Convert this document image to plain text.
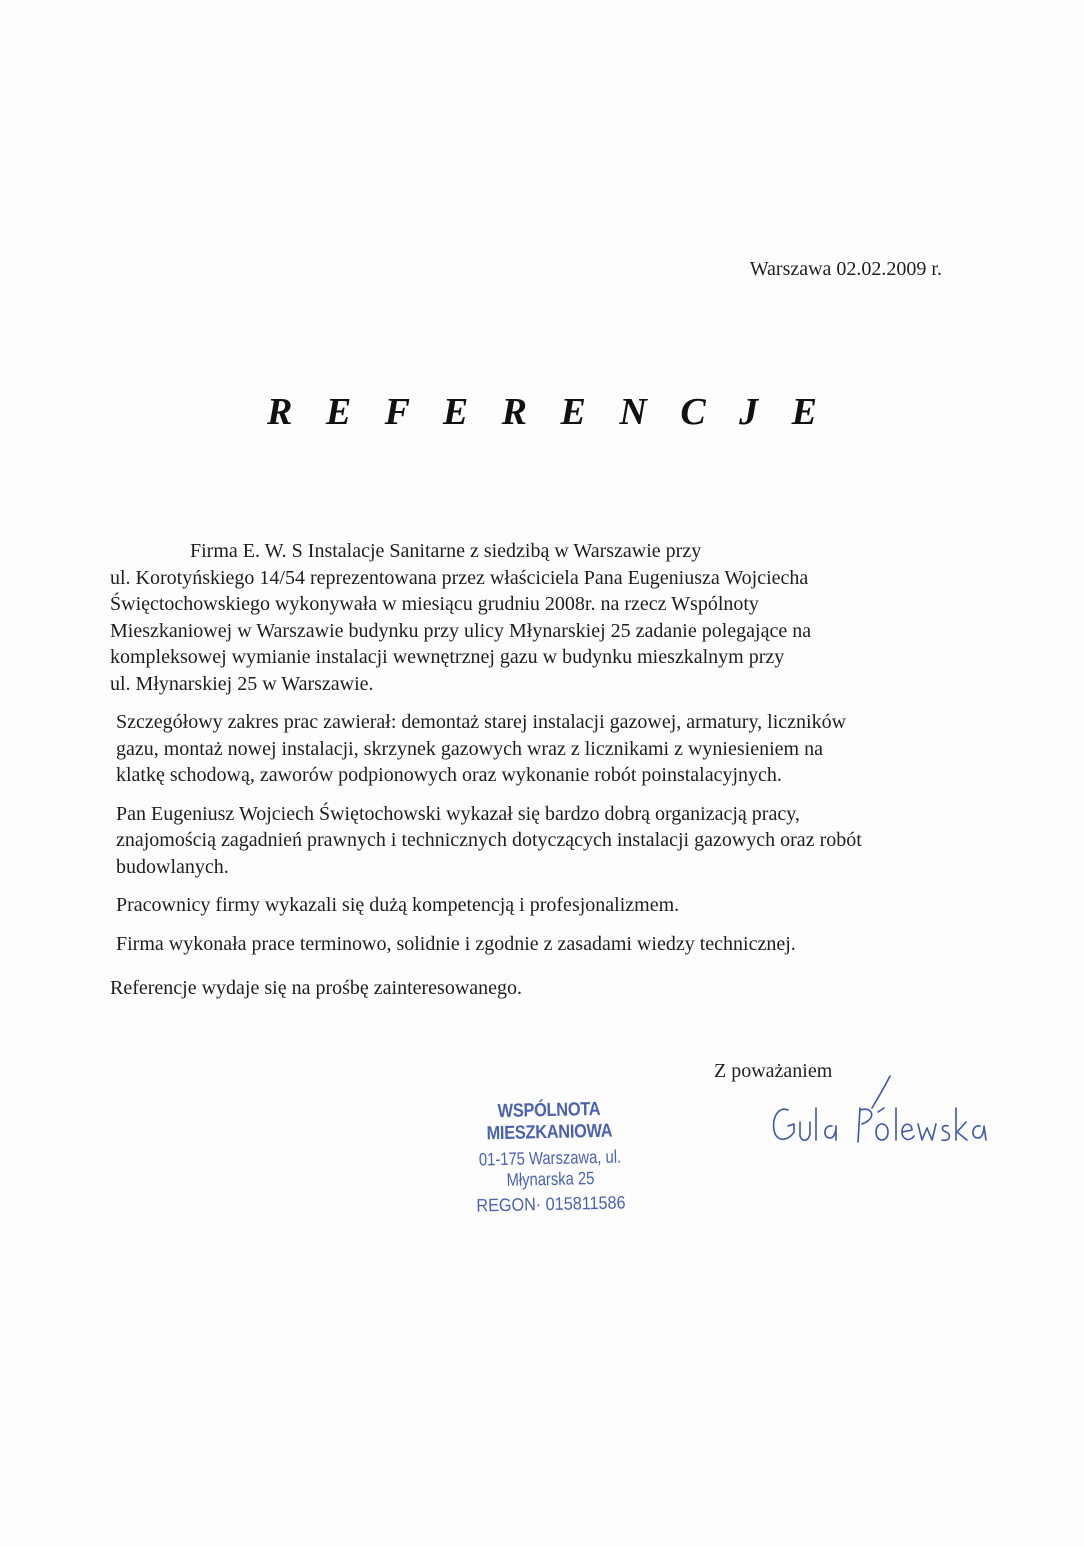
Warszawa 02.02.2009 r.
R E F E R E N C J E
Firma E. W. S Instalacje Sanitarne z siedzibą w Warszawie przy
ul. Korotyńskiego 14/54 reprezentowana przez właściciela Pana Eugeniusza Wojciecha
Święctochowskiego wykonywała w miesiącu grudniu 2008r. na rzecz Wspólnoty
Mieszkaniowej w Warszawie budynku przy ulicy Młynarskiej 25 zadanie polegające na
kompleksowej wymianie instalacji wewnętrznej gazu w budynku mieszkalnym przy
ul. Młynarskiej 25 w Warszawie.
Szczegółowy zakres prac zawierał: demontaż starej instalacji gazowej, armatury, liczników
gazu, montaż nowej instalacji, skrzynek gazowych wraz z licznikami z wyniesieniem na
klatkę schodową, zaworów podpionowych oraz wykonanie robót poinstalacyjnych.
Pan Eugeniusz Wojciech Świętochowski wykazał się bardzo dobrą organizacją pracy,
znajomością zagadnień prawnych i technicznych dotyczących instalacji gazowych oraz robót
budowlanych.
Pracownicy firmy wykazali się dużą kompetencją i profesjonalizmem.
Firma wykonała prace terminowo, solidnie i zgodnie z zasadami wiedzy technicznej.
Referencje wydaje się na prośbę zainteresowanego.
Z poważaniem
WSPÓLNOTA MIESZKANIOWA
01-175 Warszawa, ul. Młynarska 25
REGON· 015811586
